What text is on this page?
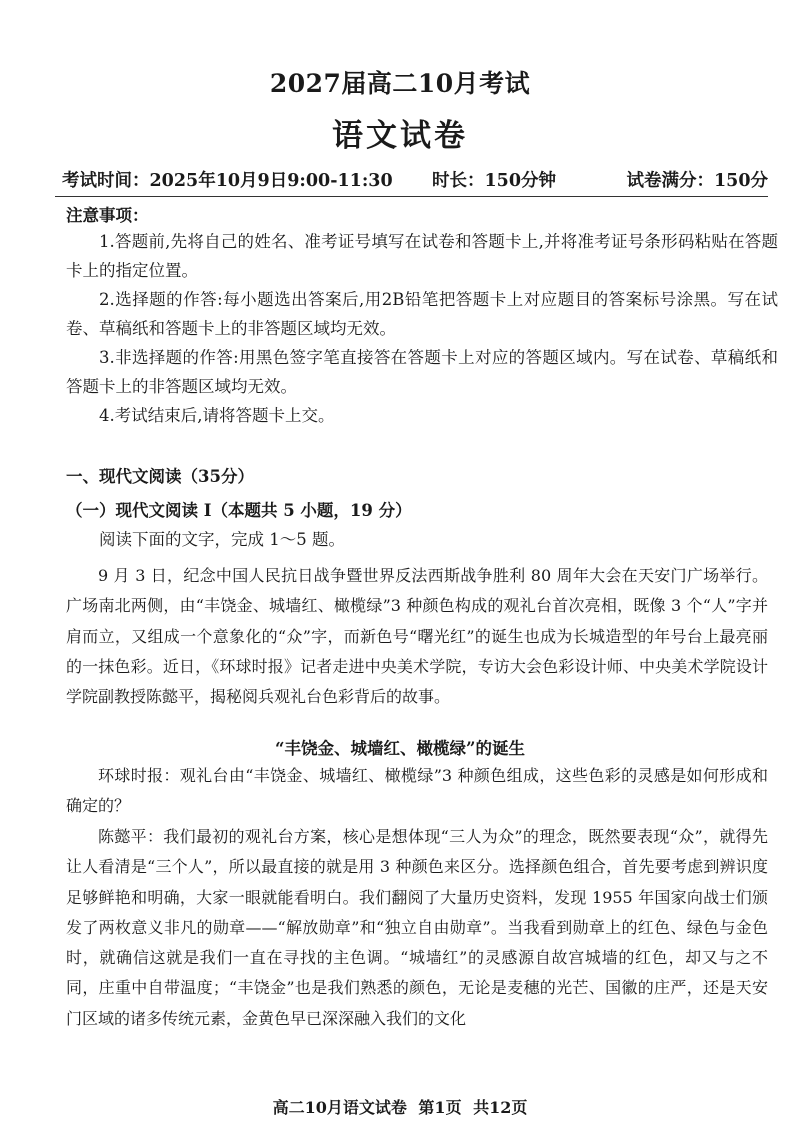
2027届高二10月考试
语文试卷
考试时间：2025年10月9日9:00-11:30 时长：150分钟	试卷满分：150分
注意事项：

1.答题前,先将自己的姓名、准考证号填写在试卷和答题卡上,并将准考证号条形码粘贴在答题卡上的指定位置。

2.选择题的作答:每小题选出答案后,用2B铅笔把答题卡上对应题目的答案标号涂黑。写在试卷、草稿纸和答题卡上的非答题区域均无效。

3.非选择题的作答:用黑色签字笔直接答在答题卡上对应的答题区域内。写在试卷、草稿纸和答题卡上的非答题区域均无效。

4.考试结束后,请将答题卡上交。

一、现代文阅读（35分）
（一）现代文阅读 I（本题共 5 小题，19 分）

阅读下面的文字，完成 1～5 题。

9 月 3 日，纪念中国人民抗日战争暨世界反法西斯战争胜利 80 周年大会在天安门广场举行。广场南北两侧，由“丰饶金、城墙红、橄榄绿”3 种颜色构成的观礼台首次亮相，既像 3 个“人”字并肩而立，又组成一个意象化的“众”字，而新色号“曙光红”的诞生也成为长城造型的年号台上最亮丽的一抹色彩。近日，《环球时报》记者走进中央美术学院，专访大会色彩设计师、中央美术学院设计学院副教授陈懿平，揭秘阅兵观礼台色彩背后的故事。

“丰饶金、城墙红、橄榄绿”的诞生

环球时报：观礼台由“丰饶金、城墙红、橄榄绿”3 种颜色组成，这些色彩的灵感是如何形成和确定的？

陈懿平：我们最初的观礼台方案，核心是想体现“三人为众”的理念，既然要表现“众”，就得先让人看清是“三个人”，所以最直接的就是用 3 种颜色来区分。选择颜色组合，首先要考虑到辨识度足够鲜艳和明确，大家一眼就能看明白。我们翻阅了大量历史资料，发现 1955 年国家向战士们颁发了两枚意义非凡的勋章——“解放勋章”和“独立自由勋章”。当我看到勋章上的红色、绿色与金色时，就确信这就是我们一直在寻找的主色调。“城墙红”的灵感源自故宫城墙的红色，却又与之不同，庄重中自带温度；“丰饶金”也是我们熟悉的颜色，无论是麦穗的光芒、国徽的庄严，还是天安门区域的诸多传统元素，金黄色早已深深融入我们的文化

高二10月语文试卷 第1页 共12页
